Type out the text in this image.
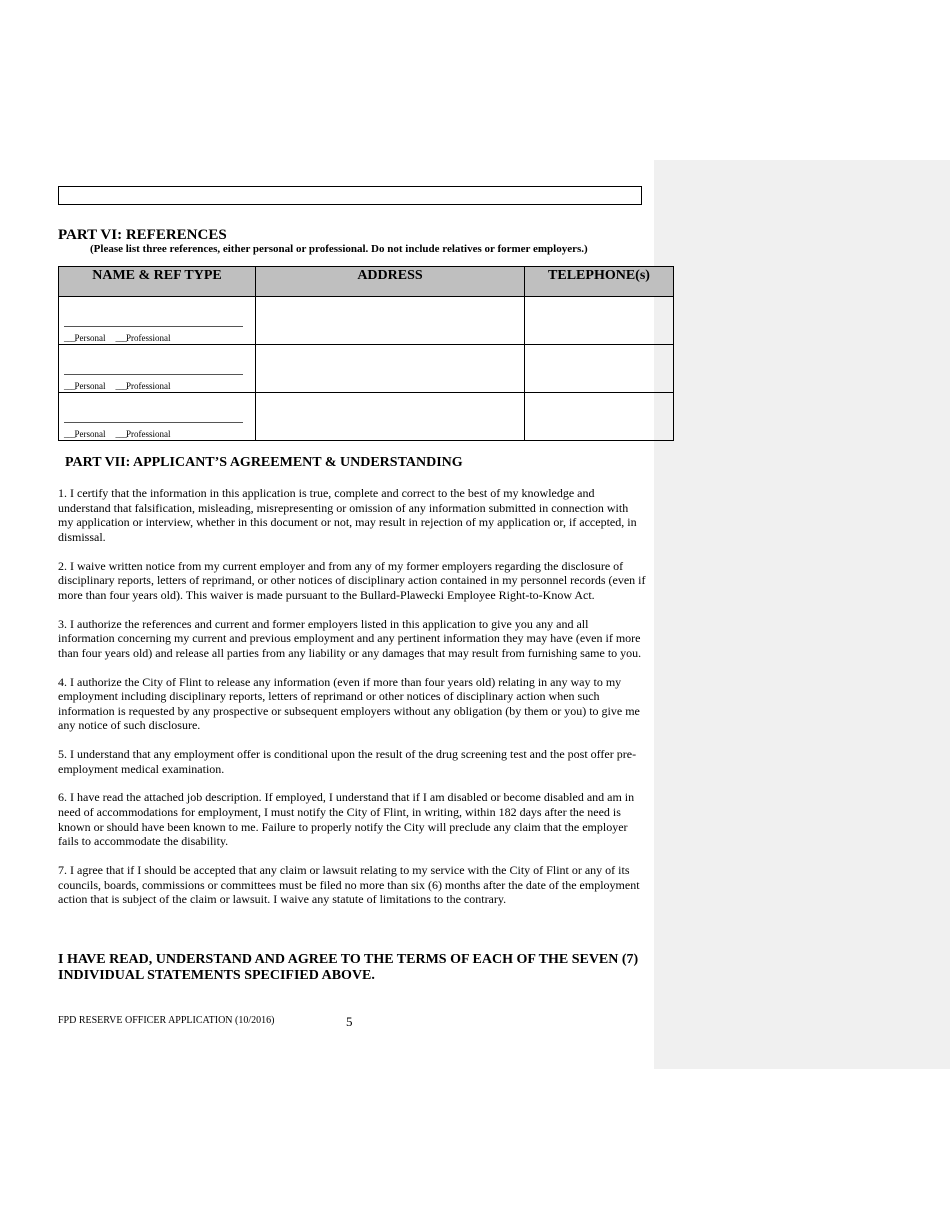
PART VI: REFERENCES
(Please list three references, either personal or professional. Do not include relatives or former employers.)
NAME & REF TYPE	ADDRESS	TELEPHONE(s)

___Personal ___Professional		

___Personal ___Professional		

___Personal ___Professional		

PART VII: APPLICANT’S AGREEMENT & UNDERSTANDING

1. I certify that the information in this application is true, complete and correct to the best of my knowledge and understand that falsification, misleading, misrepresenting or omission of any information submitted in connection with my application or interview, whether in this document or not, may result in rejection of my application or, if accepted, in dismissal.

2. I waive written notice from my current employer and from any of my former employers regarding the disclosure of disciplinary reports, letters of reprimand, or other notices of disciplinary action contained in my personnel records (even if more than four years old). This waiver is made pursuant to the Bullard-Plawecki Employee Right-to-Know Act.

3. I authorize the references and current and former employers listed in this application to give you any and all information concerning my current and previous employment and any pertinent information they may have (even if more than four years old) and release all parties from any liability or any damages that may result from furnishing same to you.

4. I authorize the City of Flint to release any information (even if more than four years old) relating in any way to my employment including disciplinary reports, letters of reprimand or other notices of disciplinary action when such information is requested by any prospective or subsequent employers without any obligation (by them or you) to give me any notice of such disclosure.

5. I understand that any employment offer is conditional upon the result of the drug screening test and the post offer pre-employment medical examination.

6. I have read the attached job description. If employed, I understand that if I am disabled or become disabled and am in need of accommodations for employment, I must notify the City of Flint, in writing, within 182 days after the need is known or should have been known to me. Failure to properly notify the City will preclude any claim that the employer fails to accommodate the disability.

7. I agree that if I should be accepted that any claim or lawsuit relating to my service with the City of Flint or any of its councils, boards, commissions or committees must be filed no more than six (6) months after the date of the employment action that is subject of the claim or lawsuit. I waive any statute of limitations to the contrary.

I HAVE READ, UNDERSTAND AND AGREE TO THE TERMS OF EACH OF THE SEVEN (7) INDIVIDUAL STATEMENTS SPECIFIED ABOVE.
FPD RESERVE OFFICER APPLICATION (10/2016)	5
